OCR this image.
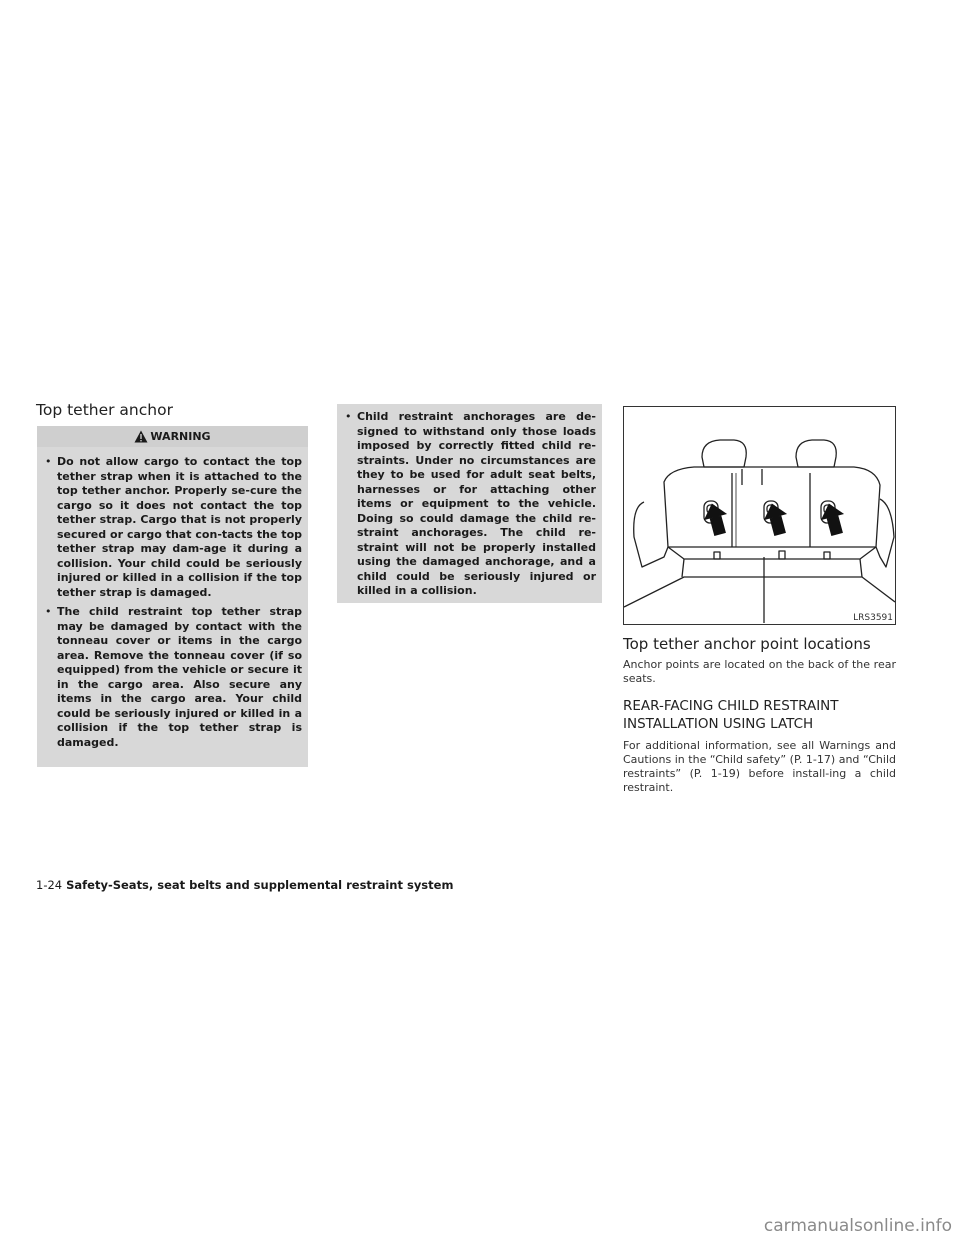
Top tether anchor
WARNING

• Do not allow cargo to contact the top tether strap when it is attached to the top tether anchor. Properly se-cure the cargo so it does not contact the top tether strap. Cargo that is not properly secured or cargo that con-tacts the top tether strap may dam-age it during a collision. Your child could be seriously injured or killed in a collision if the top tether strap is damaged.

• The child restraint top tether strap may be damaged by contact with the tonneau cover or items in the cargo area. Remove the tonneau cover (if so equipped) from the vehicle or secure it in the cargo area. Also secure any items in the cargo area. Your child could be seriously injured or killed in a collision if the top tether strap is damaged.

• Child restraint anchorages are de-signed to withstand only those loads imposed by correctly fitted child re-straints. Under no circumstances are they to be used for adult seat belts, harnesses or for attaching other items or equipment to the vehicle. Doing so could damage the child re-straint anchorages. The child re-straint will not be properly installed using the damaged anchorage, and a child could be seriously injured or killed in a collision.

LRS3591
Top tether anchor point locations

Anchor points are located on the back of the rear seats.

REAR-FACING CHILD RESTRAINT
INSTALLATION USING LATCH

For additional information, see all Warnings and Cautions in the “Child safety” (P. 1-17) and “Child restraints” (P. 1-19) before install-ing a child restraint.

1-24 Safety-Seats, seat belts and supplemental restraint system
carmanualsonline.info
